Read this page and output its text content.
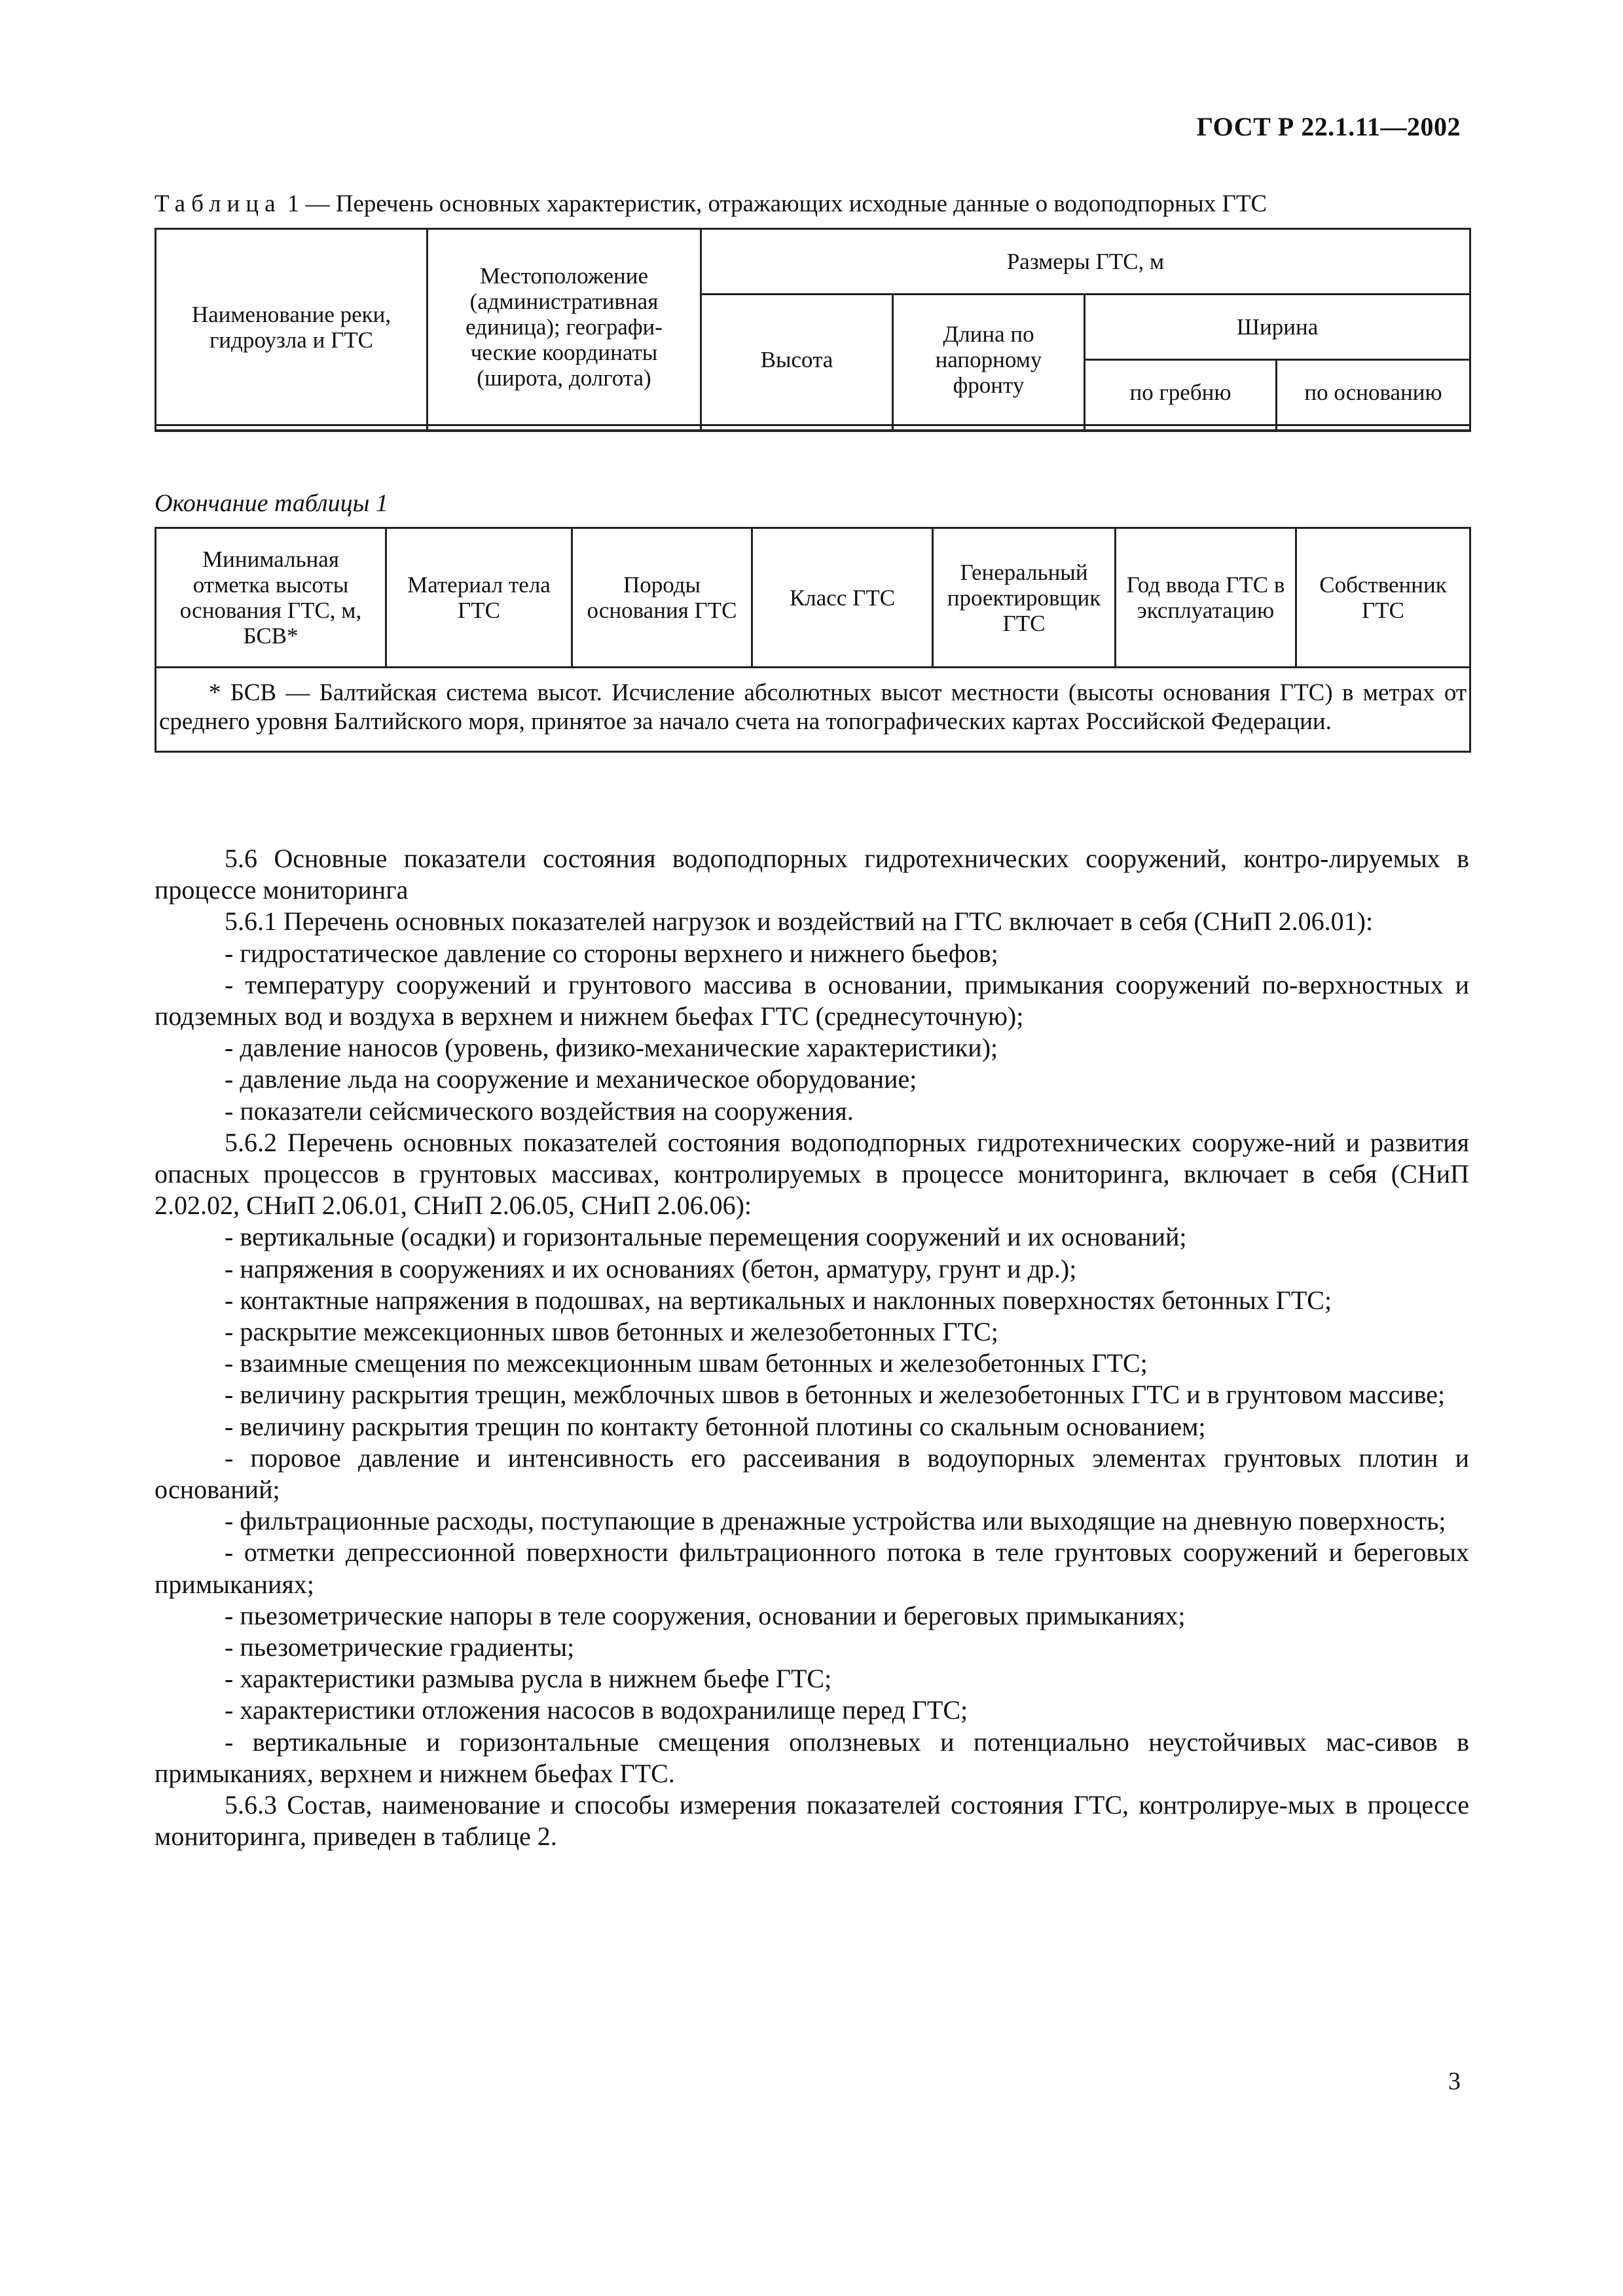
ГОСТ Р 22.1.11—2002
Таблица 1 — Перечень основных характеристик, отражающих исходные данные о водоподпорных ГТС
Наименование реки, гидроузла и ГТС	Местоположение (административная единица); географи-ческие координаты (широта, долгота)	Размеры ГТС, м			
		Высота	Длина по напорному фронту	Ширина	
				по гребню	по основанию

Окончание таблицы 1
Минимальная отметка высоты основания ГТС, м, БСВ*	Материал тела ГТС	Породы основания ГТС	Класс ГТС	Генеральный проектировщик ГТС	Год ввода ГТС в эксплуатацию	Собственник ГТС
* БСВ — Балтийская система высот. Исчисление абсолютных высот местности (высоты основания ГТС) в метрах от среднего уровня Балтийского моря, принятое за начало счета на топографических картах Российской Федерации.

5.6 Основные показатели состояния водоподпорных гидротехнических сооружений, контро-лируемых в процессе мониторинга

5.6.1 Перечень основных показателей нагрузок и воздействий на ГТС включает в себя (СНиП 2.06.01):

- гидростатическое давление со стороны верхнего и нижнего бьефов;

- температуру сооружений и грунтового массива в основании, примыкания сооружений по-верхностных и подземных вод и воздуха в верхнем и нижнем бьефах ГТС (среднесуточную);

- давление наносов (уровень, физико-механические характеристики);

- давление льда на сооружение и механическое оборудование;

- показатели сейсмического воздействия на сооружения.

5.6.2 Перечень основных показателей состояния водоподпорных гидротехнических сооруже-ний и развития опасных процессов в грунтовых массивах, контролируемых в процессе мониторинга, включает в себя (СНиП 2.02.02, СНиП 2.06.01, СНиП 2.06.05, СНиП 2.06.06):

- вертикальные (осадки) и горизонтальные перемещения сооружений и их оснований;

- напряжения в сооружениях и их основаниях (бетон, арматуру, грунт и др.);

- контактные напряжения в подошвах, на вертикальных и наклонных поверхностях бетонных ГТС;

- раскрытие межсекционных швов бетонных и железобетонных ГТС;

- взаимные смещения по межсекционным швам бетонных и железобетонных ГТС;

- величину раскрытия трещин, межблочных швов в бетонных и железобетонных ГТС и в грунтовом массиве;

- величину раскрытия трещин по контакту бетонной плотины со скальным основанием;

- поровое давление и интенсивность его рассеивания в водоупорных элементах грунтовых плотин и оснований;

- фильтрационные расходы, поступающие в дренажные устройства или выходящие на дневную поверхность;

- отметки депрессионной поверхности фильтрационного потока в теле грунтовых сооружений и береговых примыканиях;

- пьезометрические напоры в теле сооружения, основании и береговых примыканиях;

- пьезометрические градиенты;

- характеристики размыва русла в нижнем бьефе ГТС;

- характеристики отложения насосов в водохранилище перед ГТС;

- вертикальные и горизонтальные смещения оползневых и потенциально неустойчивых мас-сивов в примыканиях, верхнем и нижнем бьефах ГТС.

5.6.3 Состав, наименование и способы измерения показателей состояния ГТС, контролируе-мых в процессе мониторинга, приведен в таблице 2.

3
